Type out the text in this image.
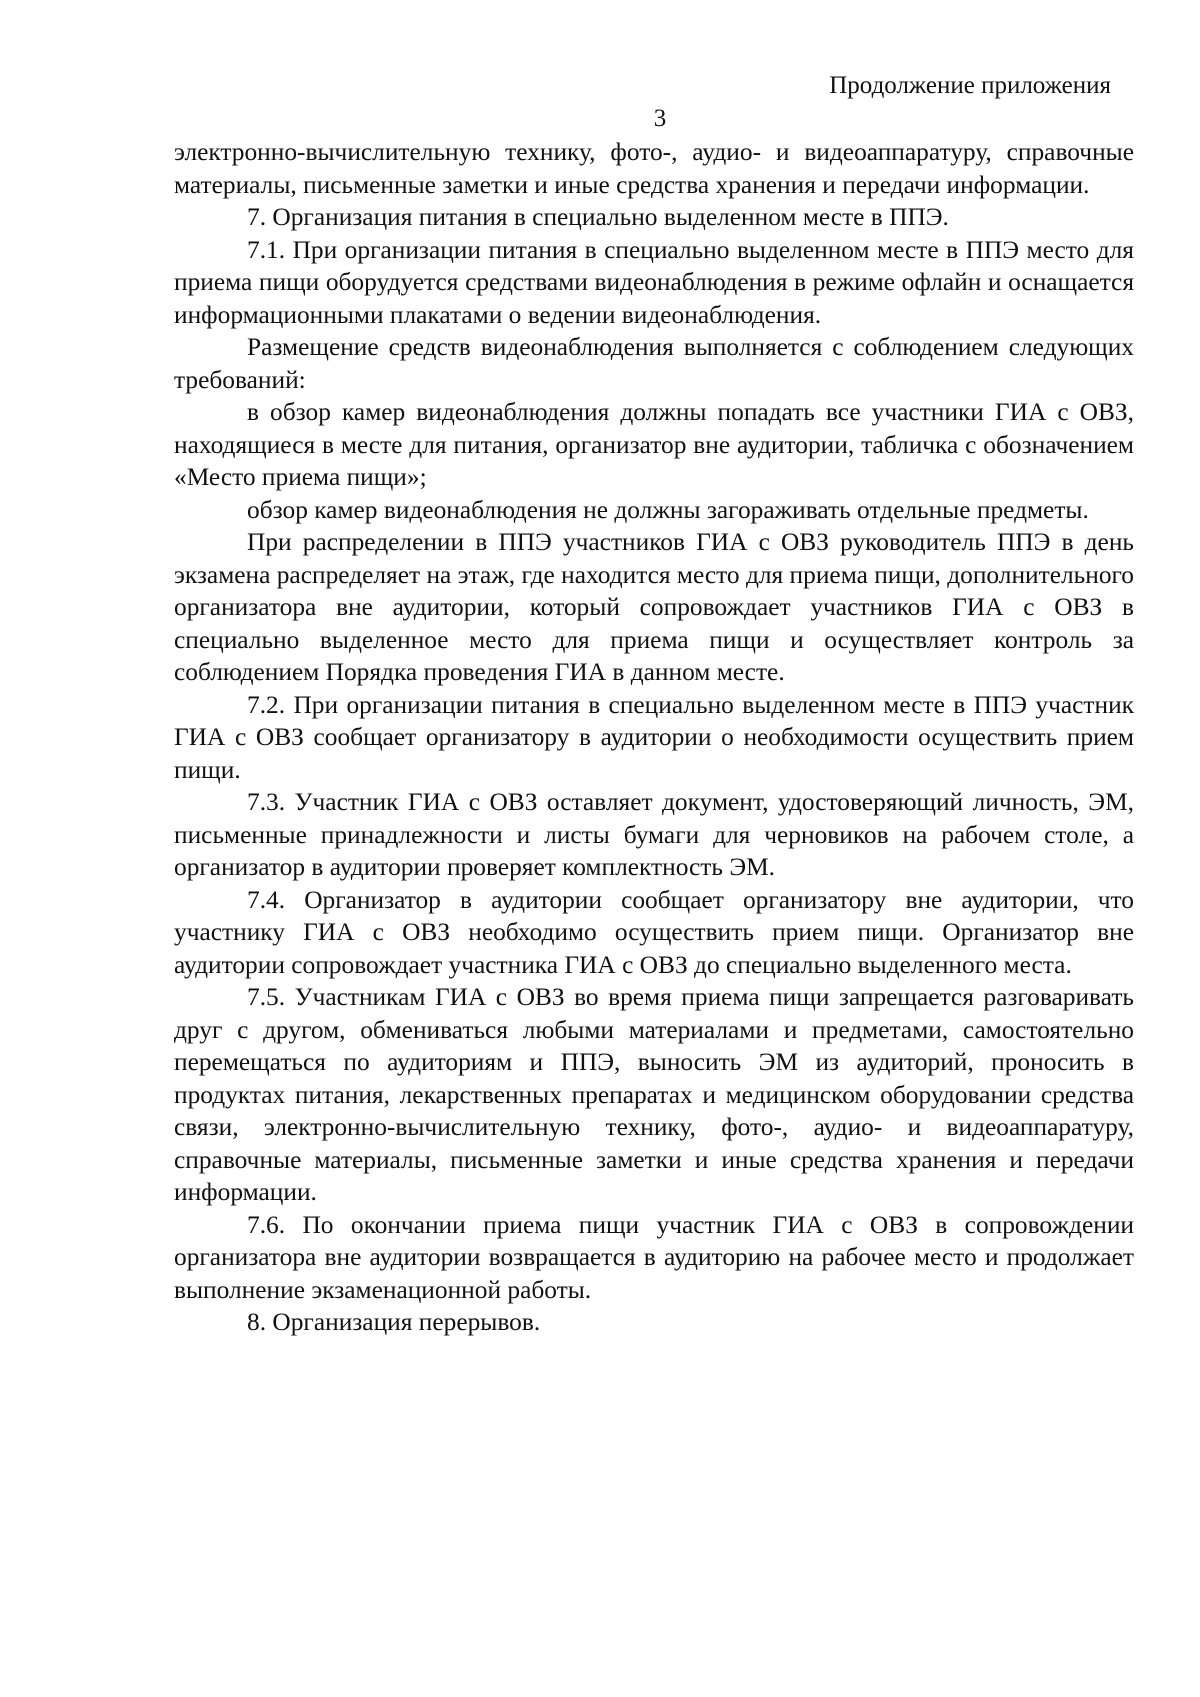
Продолжение приложения
3

электронно-вычислительную технику, фото-, аудио- и видеоаппаратуру, справочные материалы, письменные заметки и иные средства хранения и передачи информации.

7. Организация питания в специально выделенном месте в ППЭ.

7.1. При организации питания в специально выделенном месте в ППЭ место для приема пищи оборудуется средствами видеонаблюдения в режиме офлайн и оснащается информационными плакатами о ведении видеонаблюдения.

Размещение средств видеонаблюдения выполняется с соблюдением следующих требований:

в обзор камер видеонаблюдения должны попадать все участники ГИА с ОВЗ, находящиеся в месте для питания, организатор вне аудитории, табличка с обозначением «Место приема пищи»;

обзор камер видеонаблюдения не должны загораживать отдельные предметы.

При распределении в ППЭ участников ГИА с ОВЗ руководитель ППЭ в день экзамена распределяет на этаж, где находится место для приема пищи, дополнительного организатора вне аудитории, который сопровождает участников ГИА с ОВЗ в специально выделенное место для приема пищи и осуществляет контроль за соблюдением Порядка проведения ГИА в данном месте.

7.2. При организации питания в специально выделенном месте в ППЭ участник ГИА с ОВЗ сообщает организатору в аудитории о необходимости осуществить прием пищи.

7.3. Участник ГИА с ОВЗ оставляет документ, удостоверяющий личность, ЭМ, письменные принадлежности и листы бумаги для черновиков на рабочем столе, а организатор в аудитории проверяет комплектность ЭМ.

7.4. Организатор в аудитории сообщает организатору вне аудитории, что участнику ГИА с ОВЗ необходимо осуществить прием пищи. Организатор вне аудитории сопровождает участника ГИА с ОВЗ до специально выделенного места.

7.5. Участникам ГИА с ОВЗ во время приема пищи запрещается разговаривать друг с другом, обмениваться любыми материалами и предметами, самостоятельно перемещаться по аудиториям и ППЭ, выносить ЭМ из аудиторий, проносить в продуктах питания, лекарственных препаратах и медицинском оборудовании средства связи, электронно-вычислительную технику, фото-, аудио- и видеоаппаратуру, справочные материалы, письменные заметки и иные средства хранения и передачи информации.

7.6. По окончании приема пищи участник ГИА с ОВЗ в сопровождении организатора вне аудитории возвращается в аудиторию на рабочее место и продолжает выполнение экзаменационной работы.

8. Организация перерывов.
